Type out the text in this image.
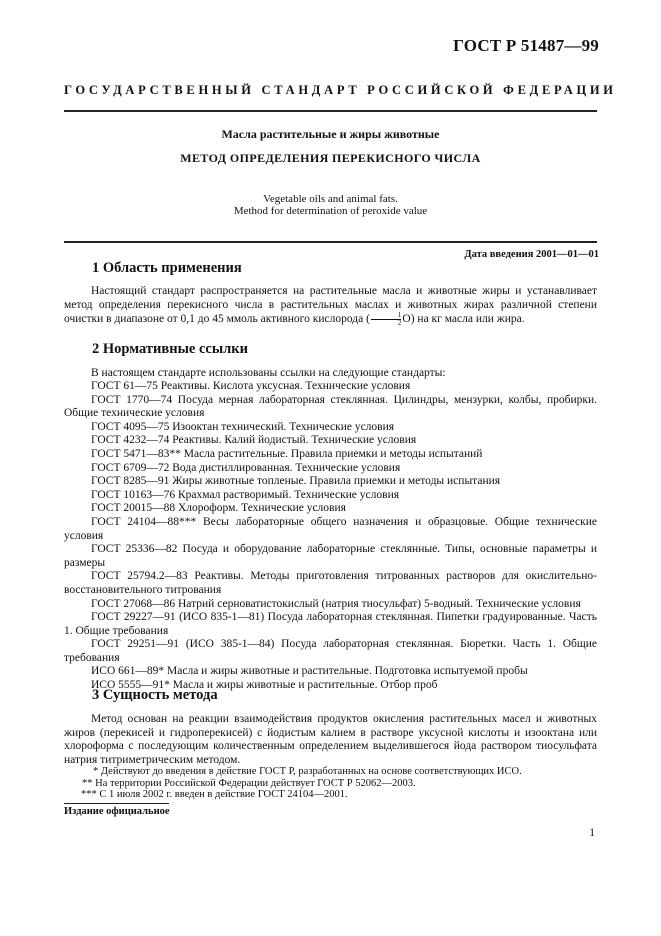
ГОСТ Р 51487—99
ГОСУДАРСТВЕННЫЙ СТАНДАРТ РОССИЙСКОЙ ФЕДЕРАЦИИ
Масла растительные и жиры животные
МЕТОД ОПРЕДЕЛЕНИЯ ПЕРЕКИСНОГО ЧИСЛА
Vegetable oils and animal fats.
Method for determination of peroxide value
Дата введения 2001—01—01
1 Область применения

Настоящий стандарт распространяется на растительные масла и животные жиры и устанавливает метод определения перекисного числа в растительных маслах и животных жирах различной степени очистки в диапазоне от 0,1 до 45 ммоль активного кислорода ( $\frac{1}{2} O$) на кг масла или жира.

2 Нормативные ссылки

В настоящем стандарте использованы ссылки на следующие стандарты:

ГОСТ 61—75 Реактивы. Кислота уксусная. Технические условия

ГОСТ 1770—74 Посуда мерная лабораторная стеклянная. Цилиндры, мензурки, колбы, пробирки. Общие технические условия

ГОСТ 4095—75 Изооктан технический. Технические условия

ГОСТ 4232—74 Реактивы. Калий йодистый. Технические условия

ГОСТ 5471—83** Масла растительные. Правила приемки и методы испытаний

ГОСТ 6709—72 Вода дистиллированная. Технические условия

ГОСТ 8285—91 Жиры животные топленые. Правила приемки и методы испытания

ГОСТ 10163—76 Крахмал растворимый. Технические условия

ГОСТ 20015—88 Хлороформ. Технические условия

ГОСТ 24104—88*** Весы лабораторные общего назначения и образцовые. Общие технические условия

ГОСТ 25336—82 Посуда и оборудование лабораторные стеклянные. Типы, основные параметры и размеры

ГОСТ 25794.2—83 Реактивы. Методы приготовления титрованных растворов для окислительно-восстановительного титрования

ГОСТ 27068—86 Натрий серноватистокислый (натрия тиосульфат) 5-водный. Технические условия

ГОСТ 29227—91 (ИСО 835-1—81) Посуда лабораторная стеклянная. Пипетки градуированные. Часть 1. Общие требования

ГОСТ 29251—91 (ИСО 385-1—84) Посуда лабораторная стеклянная. Бюретки. Часть 1. Общие требования

ИСО 661—89* Масла и жиры животные и растительные. Подготовка испытуемой пробы

ИСО 5555—91* Масла и жиры животные и растительные. Отбор проб

3 Сущность метода

Метод основан на реакции взаимодействия продуктов окисления растительных масел и животных жиров (перекисей и гидроперекисей) с йодистым калием в растворе уксусной кислоты и изооктана или хлороформа с последующим количественным определением выделившегося йода раствором тиосульфата натрия титриметрическим методом.

* Действуют до введения в действие ГОСТ Р, разработанных на основе соответствующих ИСО.

** На территории Российской Федерации действует ГОСТ Р 52062—2003.

*** С 1 июля 2002 г. введен в действие ГОСТ 24104—2001.

Издание официальное
1
